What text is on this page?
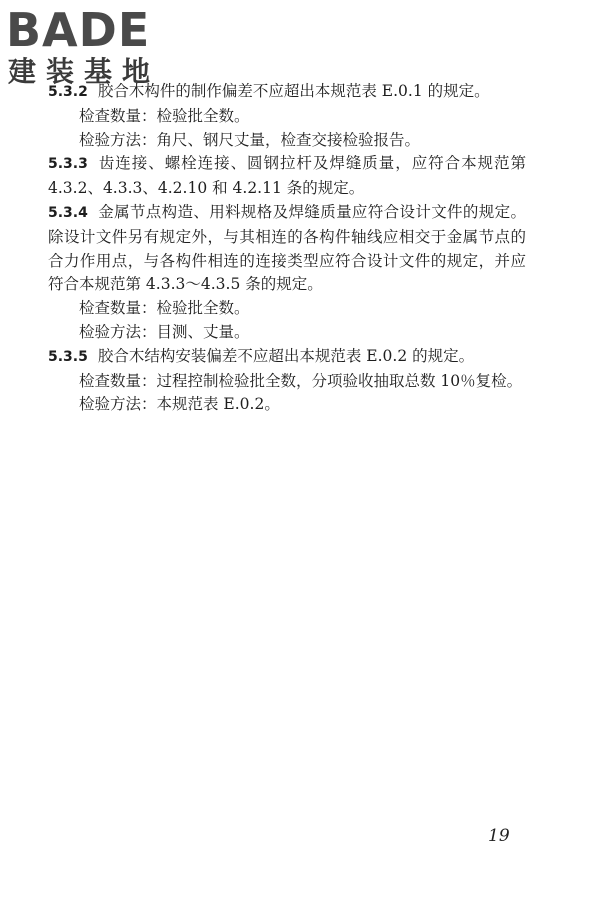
BADE
建装基地

5.3.2 胶合木构件的制作偏差不应超出本规范表 E.0.1 的规定。

检查数量：检验批全数。

检验方法：角尺、钢尺丈量，检查交接检验报告。

5.3.3 齿连接、螺栓连接、圆钢拉杆及焊缝质量，应符合本规范第 4.3.2、4.3.3、4.2.10 和 4.2.11 条的规定。

5.3.4 金属节点构造、用料规格及焊缝质量应符合设计文件的规定。除设计文件另有规定外，与其相连的各构件轴线应相交于金属节点的合力作用点，与各构件相连的连接类型应符合设计文件的规定，并应符合本规范第 4.3.3～4.3.5 条的规定。

检查数量：检验批全数。

检验方法：目测、丈量。

5.3.5 胶合木结构安装偏差不应超出本规范表 E.0.2 的规定。

检查数量：过程控制检验批全数，分项验收抽取总数 10％复检。

检验方法：本规范表 E.0.2。

19
